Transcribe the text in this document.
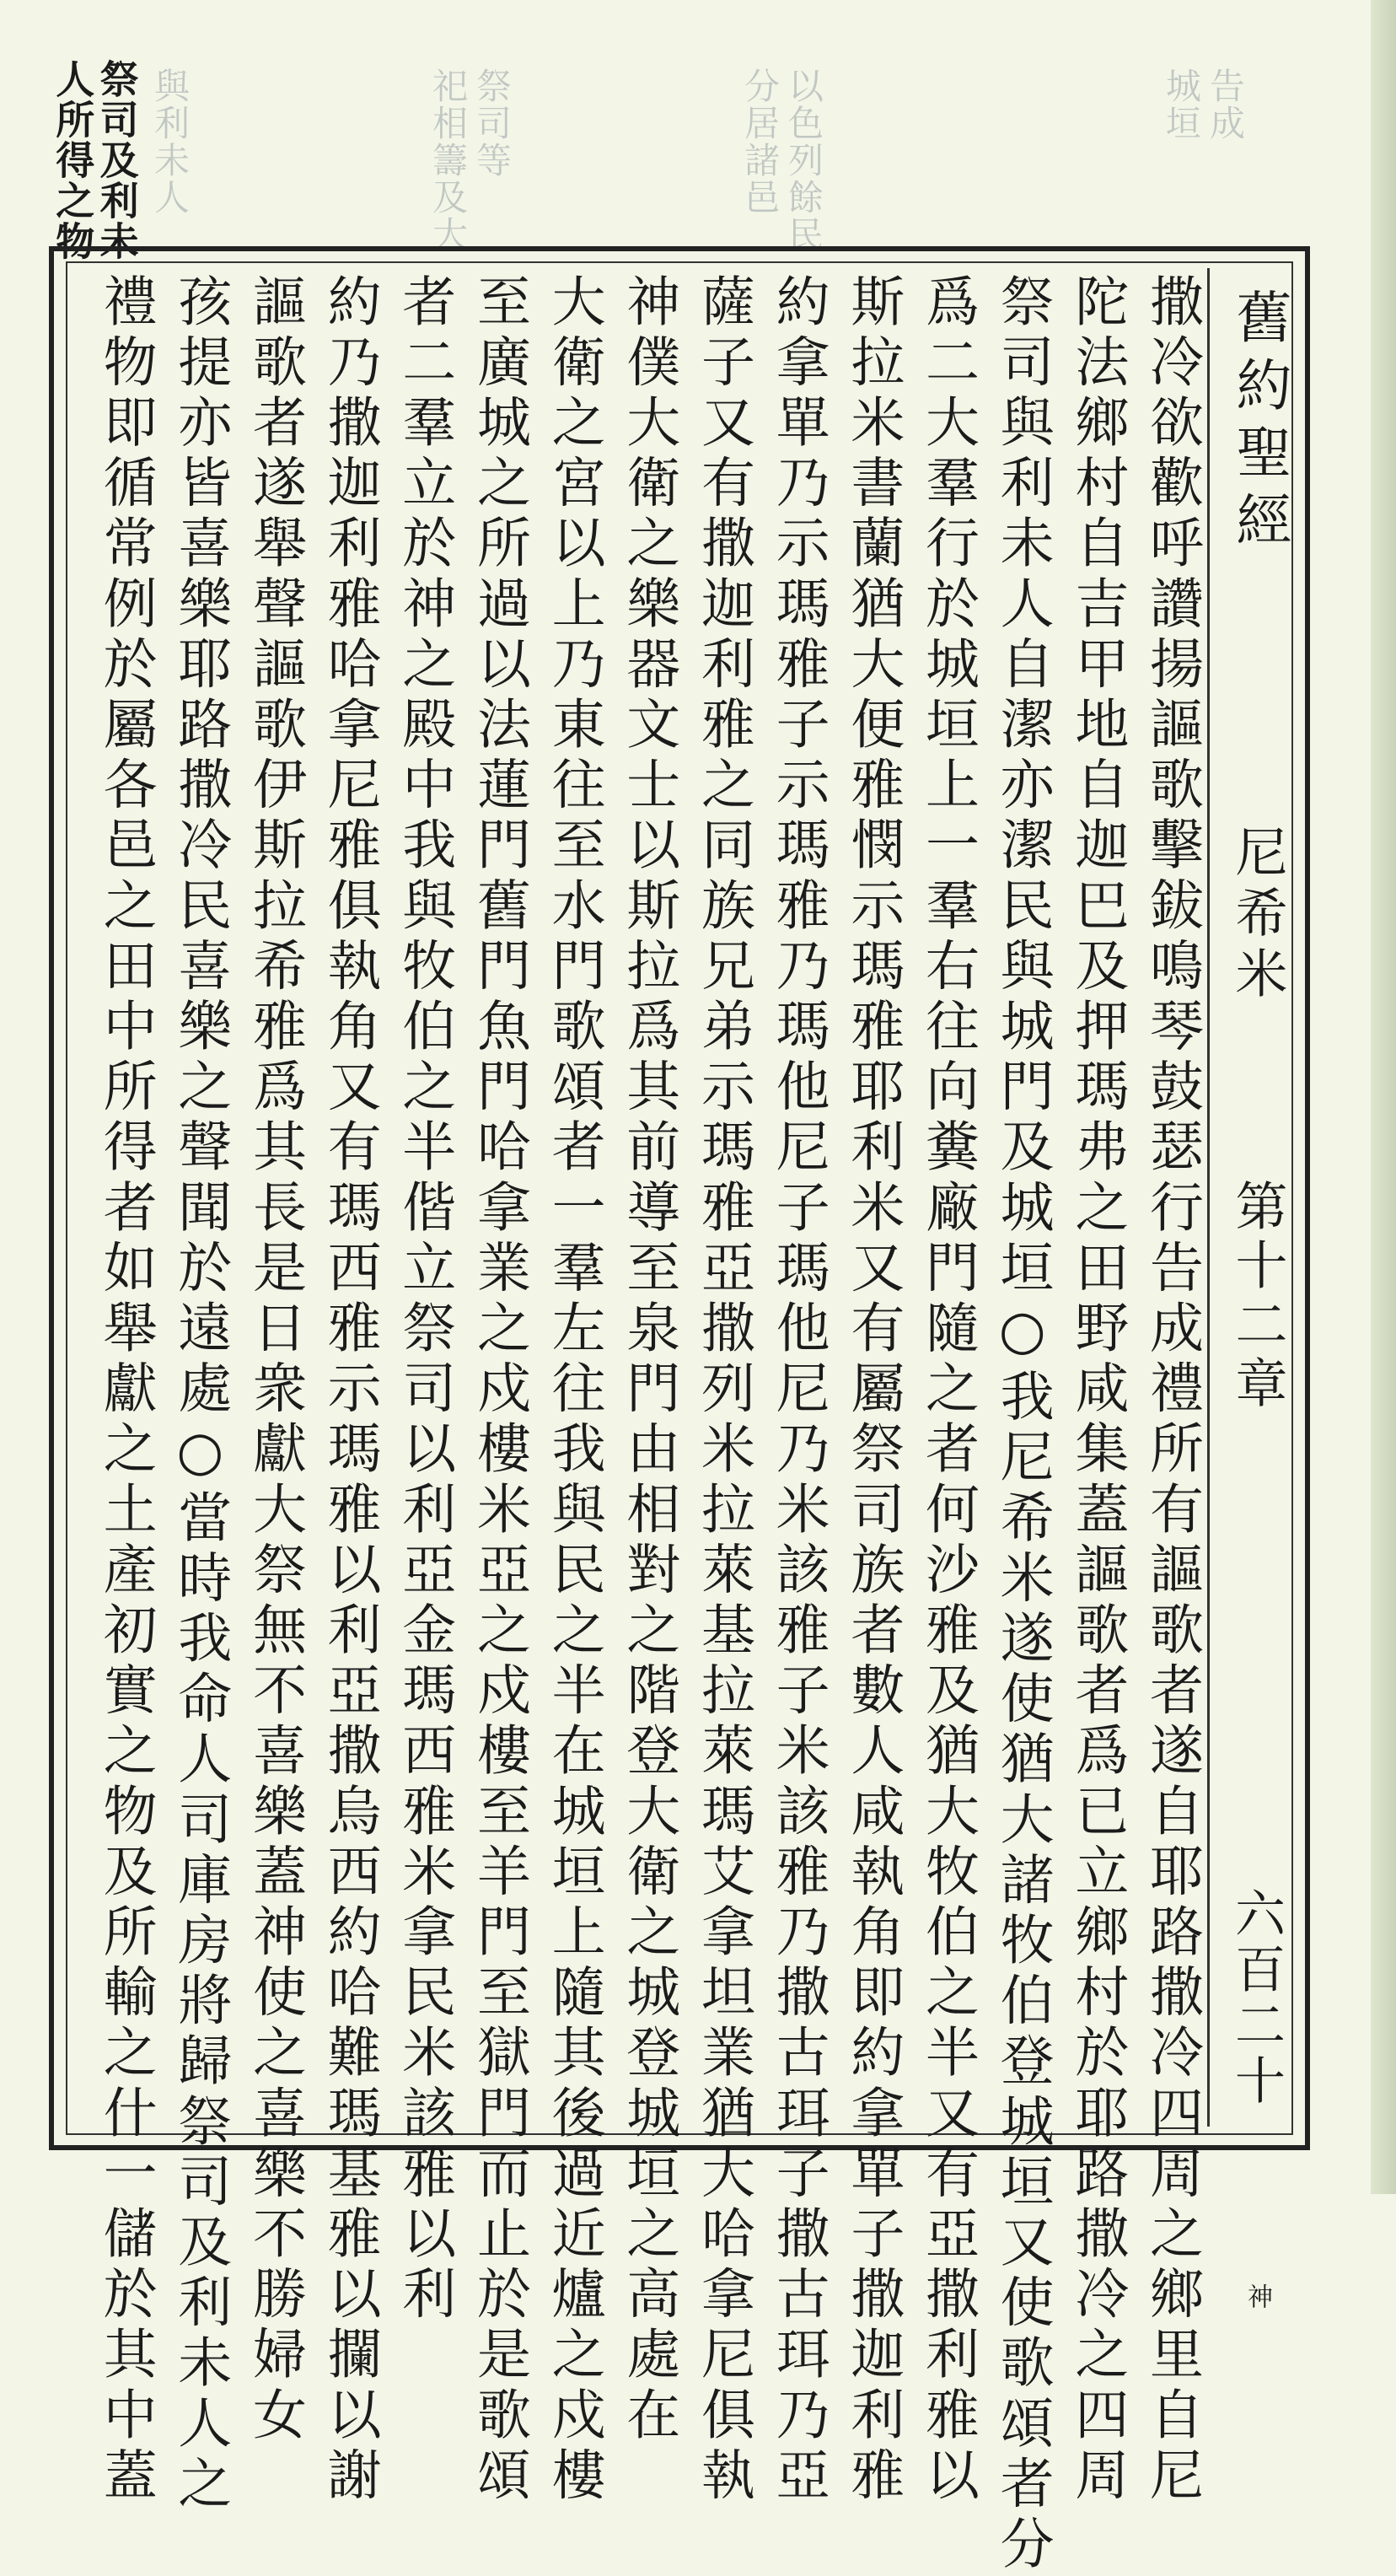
與利未人	祭司等
祀相籌及大	以色列餘民
分居諸邑	告成
城垣
祭司及利未
人所得之物
舊約聖經
尼希米
第十二章
六百二十
神
撒冷欲歡呼讚揚謳歌擊鈸鳴琴鼓瑟行告成禮所有謳歌者遂自耶路撒冷四周之鄉里自尼
陀法鄉村自吉甲地自迦巴及押瑪弗之田野咸集蓋謳歌者爲已立鄉村於耶路撒冷之四周
祭司與利未人自潔亦潔民與城門及城垣○我尼希米遂使猶大諸牧伯登城垣又使歌頌者分
爲二大羣行於城垣上一羣右往向糞廠門隨之者何沙雅及猶大牧伯之半又有亞撒利雅以
斯拉米書蘭猶大便雅憫示瑪雅耶利米又有屬祭司族者數人咸執角即約拿單子撒迦利雅
約拿單乃示瑪雅子示瑪雅乃瑪他尼子瑪他尼乃米該雅子米該雅乃撒古珥子撒古珥乃亞
薩子又有撒迦利雅之同族兄弟示瑪雅亞撒列米拉萊基拉萊瑪艾拿坦業猶大哈拿尼俱執
神僕大衛之樂器文士以斯拉爲其前導至泉門由相對之階登大衛之城登城垣之高處在
大衛之宮以上乃東往至水門歌頌者一羣左往我與民之半在城垣上隨其後過近爐之戍樓
至廣城之所過以法蓮門舊門魚門哈拿業之戍樓米亞之戍樓至羊門至獄門而止於是歌頌
者二羣立於神之殿中我與牧伯之半偕立祭司以利亞金瑪西雅米拿民米該雅以利
約乃撒迦利雅哈拿尼雅俱執角又有瑪西雅示瑪雅以利亞撒烏西約哈難瑪基雅以攔以謝
謳歌者遂舉聲謳歌伊斯拉希雅爲其長是日衆獻大祭無不喜樂蓋神使之喜樂不勝婦女
孩提亦皆喜樂耶路撒冷民喜樂之聲聞於遠處○當時我命人司庫房將歸祭司及利未人之
禮物即循常例於屬各邑之田中所得者如舉獻之土產初實之物及所輸之什一儲於其中蓋
